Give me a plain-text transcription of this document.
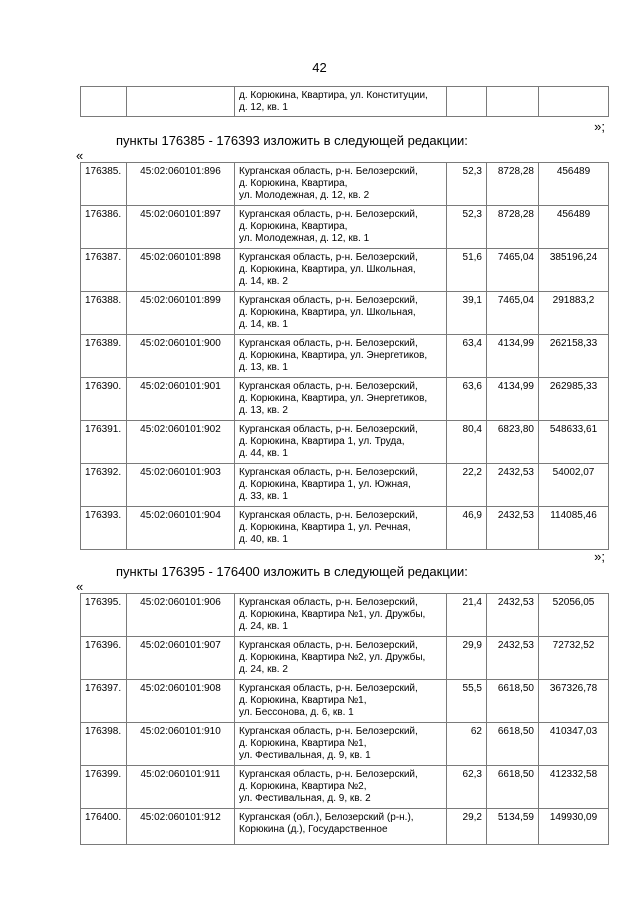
42

д. Корюкина, Квартира, ул. Конституции,
д. 12, кв. 1

»;
пункты 176385 - 176393 изложить в следующей редакции:
«
176385.	45:02:060101:896	Курганская область, р-н. Белозерский,
д. Корюкина, Квартира,
ул. Молодежная, д. 12, кв. 2	52,3	8728,28	456489
176386.	45:02:060101:897	Курганская область, р-н. Белозерский,
д. Корюкина, Квартира,
ул. Молодежная, д. 12, кв. 1	52,3	8728,28	456489
176387.	45:02:060101:898	Курганская область, р-н. Белозерский,
д. Корюкина, Квартира, ул. Школьная,
д. 14, кв. 2	51,6	7465,04	385196,24
176388.	45:02:060101:899	Курганская область, р-н. Белозерский,
д. Корюкина, Квартира, ул. Школьная,
д. 14, кв. 1	39,1	7465,04	291883,2
176389.	45:02:060101:900	Курганская область, р-н. Белозерский,
д. Корюкина, Квартира, ул. Энергетиков,
д. 13, кв. 1	63,4	4134,99	262158,33
176390.	45:02:060101:901	Курганская область, р-н. Белозерский,
д. Корюкина, Квартира, ул. Энергетиков,
д. 13, кв. 2	63,6	4134,99	262985,33
176391.	45:02:060101:902	Курганская область, р-н. Белозерский,
д. Корюкина, Квартира 1, ул. Труда,
д. 44, кв. 1	80,4	6823,80	548633,61
176392.	45:02:060101:903	Курганская область, р-н. Белозерский,
д. Корюкина, Квартира 1, ул. Южная,
д. 33, кв. 1	22,2	2432,53	54002,07
176393.	45:02:060101:904	Курганская область, р-н. Белозерский,
д. Корюкина, Квартира 1, ул. Речная,
д. 40, кв. 1	46,9	2432,53	114085,46
»;
пункты 176395 - 176400 изложить в следующей редакции:
«
176395.	45:02:060101:906	Курганская область, р-н. Белозерский,
д. Корюкина, Квартира №1, ул. Дружбы,
д. 24, кв. 1	21,4	2432,53	52056,05
176396.	45:02:060101:907	Курганская область, р-н. Белозерский,
д. Корюкина, Квартира №2, ул. Дружбы,
д. 24, кв. 2	29,9	2432,53	72732,52
176397.	45:02:060101:908	Курганская область, р-н. Белозерский,
д. Корюкина, Квартира №1,
ул. Бессонова, д. 6, кв. 1	55,5	6618,50	367326,78
176398.	45:02:060101:910	Курганская область, р-н. Белозерский,
д. Корюкина, Квартира №1,
ул. Фестивальная, д. 9, кв. 1	62	6618,50	410347,03
176399.	45:02:060101:911	Курганская область, р-н. Белозерский,
д. Корюкина, Квартира №2,
ул. Фестивальная, д. 9, кв. 2	62,3	6618,50	412332,58
176400.	45:02:060101:912	Курганская (обл.), Белозерский (р-н.),
Корюкина (д.), Государственное	29,2	5134,59	149930,09
